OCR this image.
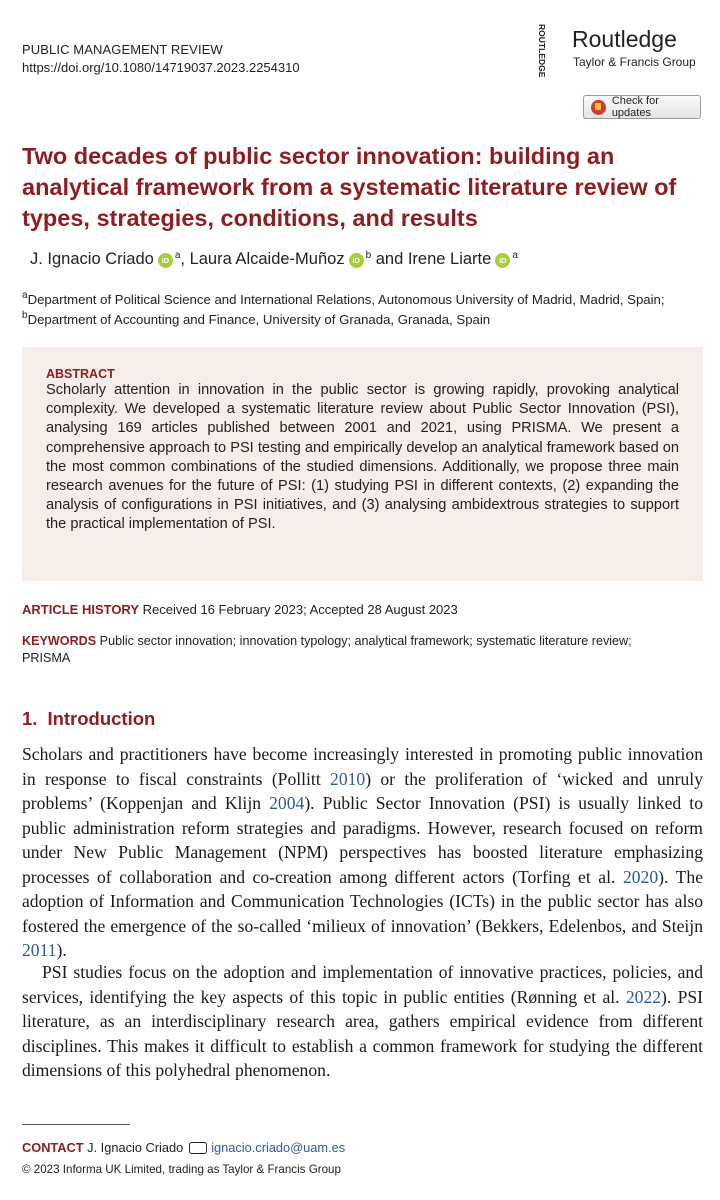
PUBLIC MANAGEMENT REVIEW
https://doi.org/10.1080/14719037.2023.2254310	ROUTLEDGE Routledge
Taylor & Francis Group
Check for updates
Two decades of public sector innovation: building an analytical framework from a systematic literature review of types, strategies, conditions, and results
J. Ignacio Criado iD $^a$, Laura Alcaide-Muñoz iD $^b$ and Irene Liarte iD $^a$
$^a$Department of Political Science and International Relations, Autonomous University of Madrid, Madrid, Spain; $^b$Department of Accounting and Finance, University of Granada, Granada, Spain
ABSTRACT
Scholarly attention in innovation in the public sector is growing rapidly, provoking analytical complexity. We developed a systematic literature review about Public Sector Innovation (PSI), analysing 169 articles published between 2001 and 2021, using PRISMA. We present a comprehensive approach to PSI testing and empirically develop an analytical framework based on the most common combinations of the studied dimensions. Additionally, we propose three main research avenues for the future of PSI: (1) studying PSI in different contexts, (2) expanding the analysis of configurations in PSI initiatives, and (3) analysing ambidextrous strategies to support the practical implementation of PSI.
ARTICLE HISTORY Received 16 February 2023; Accepted 28 August 2023
KEYWORDS Public sector innovation; innovation typology; analytical framework; systematic literature review;
PRISMA
1. Introduction
Scholars and practitioners have become increasingly interested in promoting public innovation in response to fiscal constraints (Pollitt 2010) or the proliferation of ‘wicked and unruly problems’ (Koppenjan and Klijn 2004). Public Sector Innovation (PSI) is usually linked to public administration reform strategies and paradigms. However, research focused on reform under New Public Management (NPM) perspectives has boosted literature emphasizing processes of collaboration and co-creation among different actors (Torfing et al. 2020). The adoption of Information and Communication Technologies (ICTs) in the public sector has also fostered the emergence of the so-called ‘milieux of innovation’ (Bekkers, Edelenbos, and Steijn 2011).
PSI studies focus on the adoption and implementation of innovative practices, policies, and services, identifying the key aspects of this topic in public entities (Rønning et al. 2022). PSI literature, as an interdisciplinary research area, gathers empirical evidence from different disciplines. This makes it difficult to establish a common framework for studying the different dimensions of this polyhedral phenomenon.
CONTACT
J. Ignacio Criado ignacio.criado@uam.es
© 2023 Informa UK Limited, trading as Taylor & Francis Group
